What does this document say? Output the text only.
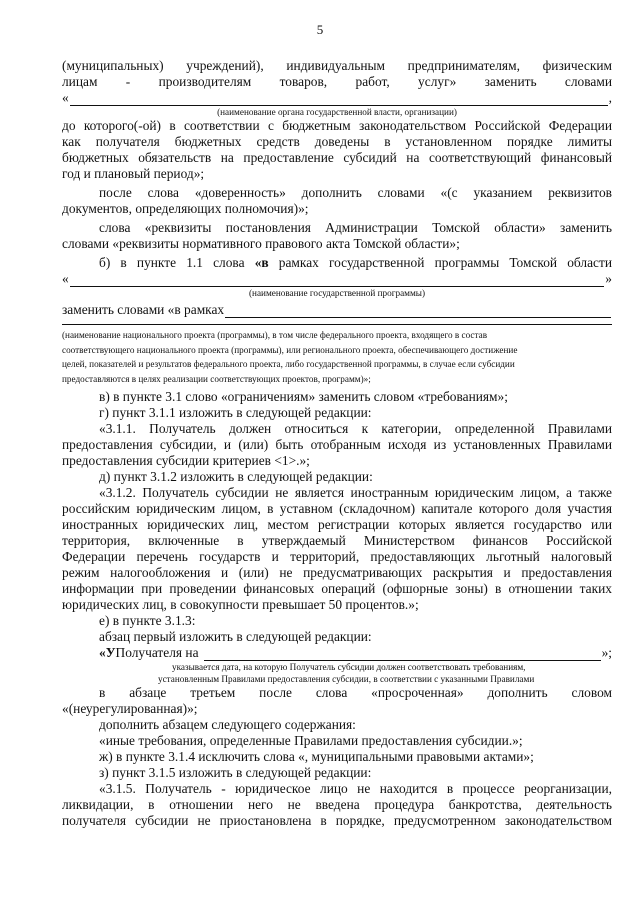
5

(муниципальных) учреждений), индивидуальным предпринимателям, физическим

лицам - производителям товаров, работ, услуг» заменить словами

«	,
(наименование органа государственной власти, организации)

до которого(-ой) в соответствии с бюджетным законодательством Российской Федерации

как получателя бюджетных средств доведены в установленном порядке лимиты

бюджетных обязательств на предоставление субсидий на соответствующий финансовый

год и плановый период»;

после слова «доверенность» дополнить словами «(с указанием реквизитов

документов, определяющих полномочия)»;

слова «реквизиты постановления Администрации Томской области» заменить

словами «реквизиты нормативного правового акта Томской области»;

б) в пункте 1.1 слова «в рамках государственной программы Томской области

«	»
(наименование государственной программы)
заменить словами «в рамках
(наименование национального проекта (программы), в том числе федерального проекта, входящего в состав
соответствующего национального проекта (программы), или регионального проекта, обеспечивающего достижение
целей, показателей и результатов федерального проекта, либо государственной программы, в случае если субсидии
предоставляются в целях реализации соответствующих проектов, программ)»;

в) в пункте 3.1 слово «ограничениям» заменить словом «требованиям»;

г) пункт 3.1.1 изложить в следующей редакции:

«3.1.1. Получатель должен относиться к категории, определенной Правилами

предоставления субсидии, и (или) быть отобранным исходя из установленных Правилами

предоставления субсидии критериев <1>.»;

д) пункт 3.1.2 изложить в следующей редакции:

«3.1.2. Получатель субсидии не является иностранным юридическим лицом, а также

российским юридическим лицом, в уставном (складочном) капитале которого доля участия

иностранных юридических лиц, местом регистрации которых является государство или

территория, включенные в утверждаемый Министерством финансов Российской

Федерации перечень государств и территорий, предоставляющих льготный налоговый

режим налогообложения и (или) не предусматривающих раскрытия и предоставления

информации при проведении финансовых операций (офшорные зоны) в отношении таких

юридических лиц, в совокупности превышает 50 процентов.»;

е) в пункте 3.1.3:

абзац первый изложить в следующей редакции:

«У Получателя на	»;
указывается дата, на которую Получатель субсидии должен соответствовать требованиям,
установленным Правилами предоставления субсидии, в соответствии с указанными Правилами

в абзаце третьем после слова «просроченная» дополнить словом

«(неурегулированная)»;

дополнить абзацем следующего содержания:

«иные требования, определенные Правилами предоставления субсидии.»;

ж) в пункте 3.1.4 исключить слова «, муниципальными правовыми актами»;

з) пункт 3.1.5 изложить в следующей редакции:

«3.1.5. Получатель - юридическое лицо не находится в процессе реорганизации,

ликвидации, в отношении него не введена процедура банкротства, деятельность

получателя субсидии не приостановлена в порядке, предусмотренном законодательством
